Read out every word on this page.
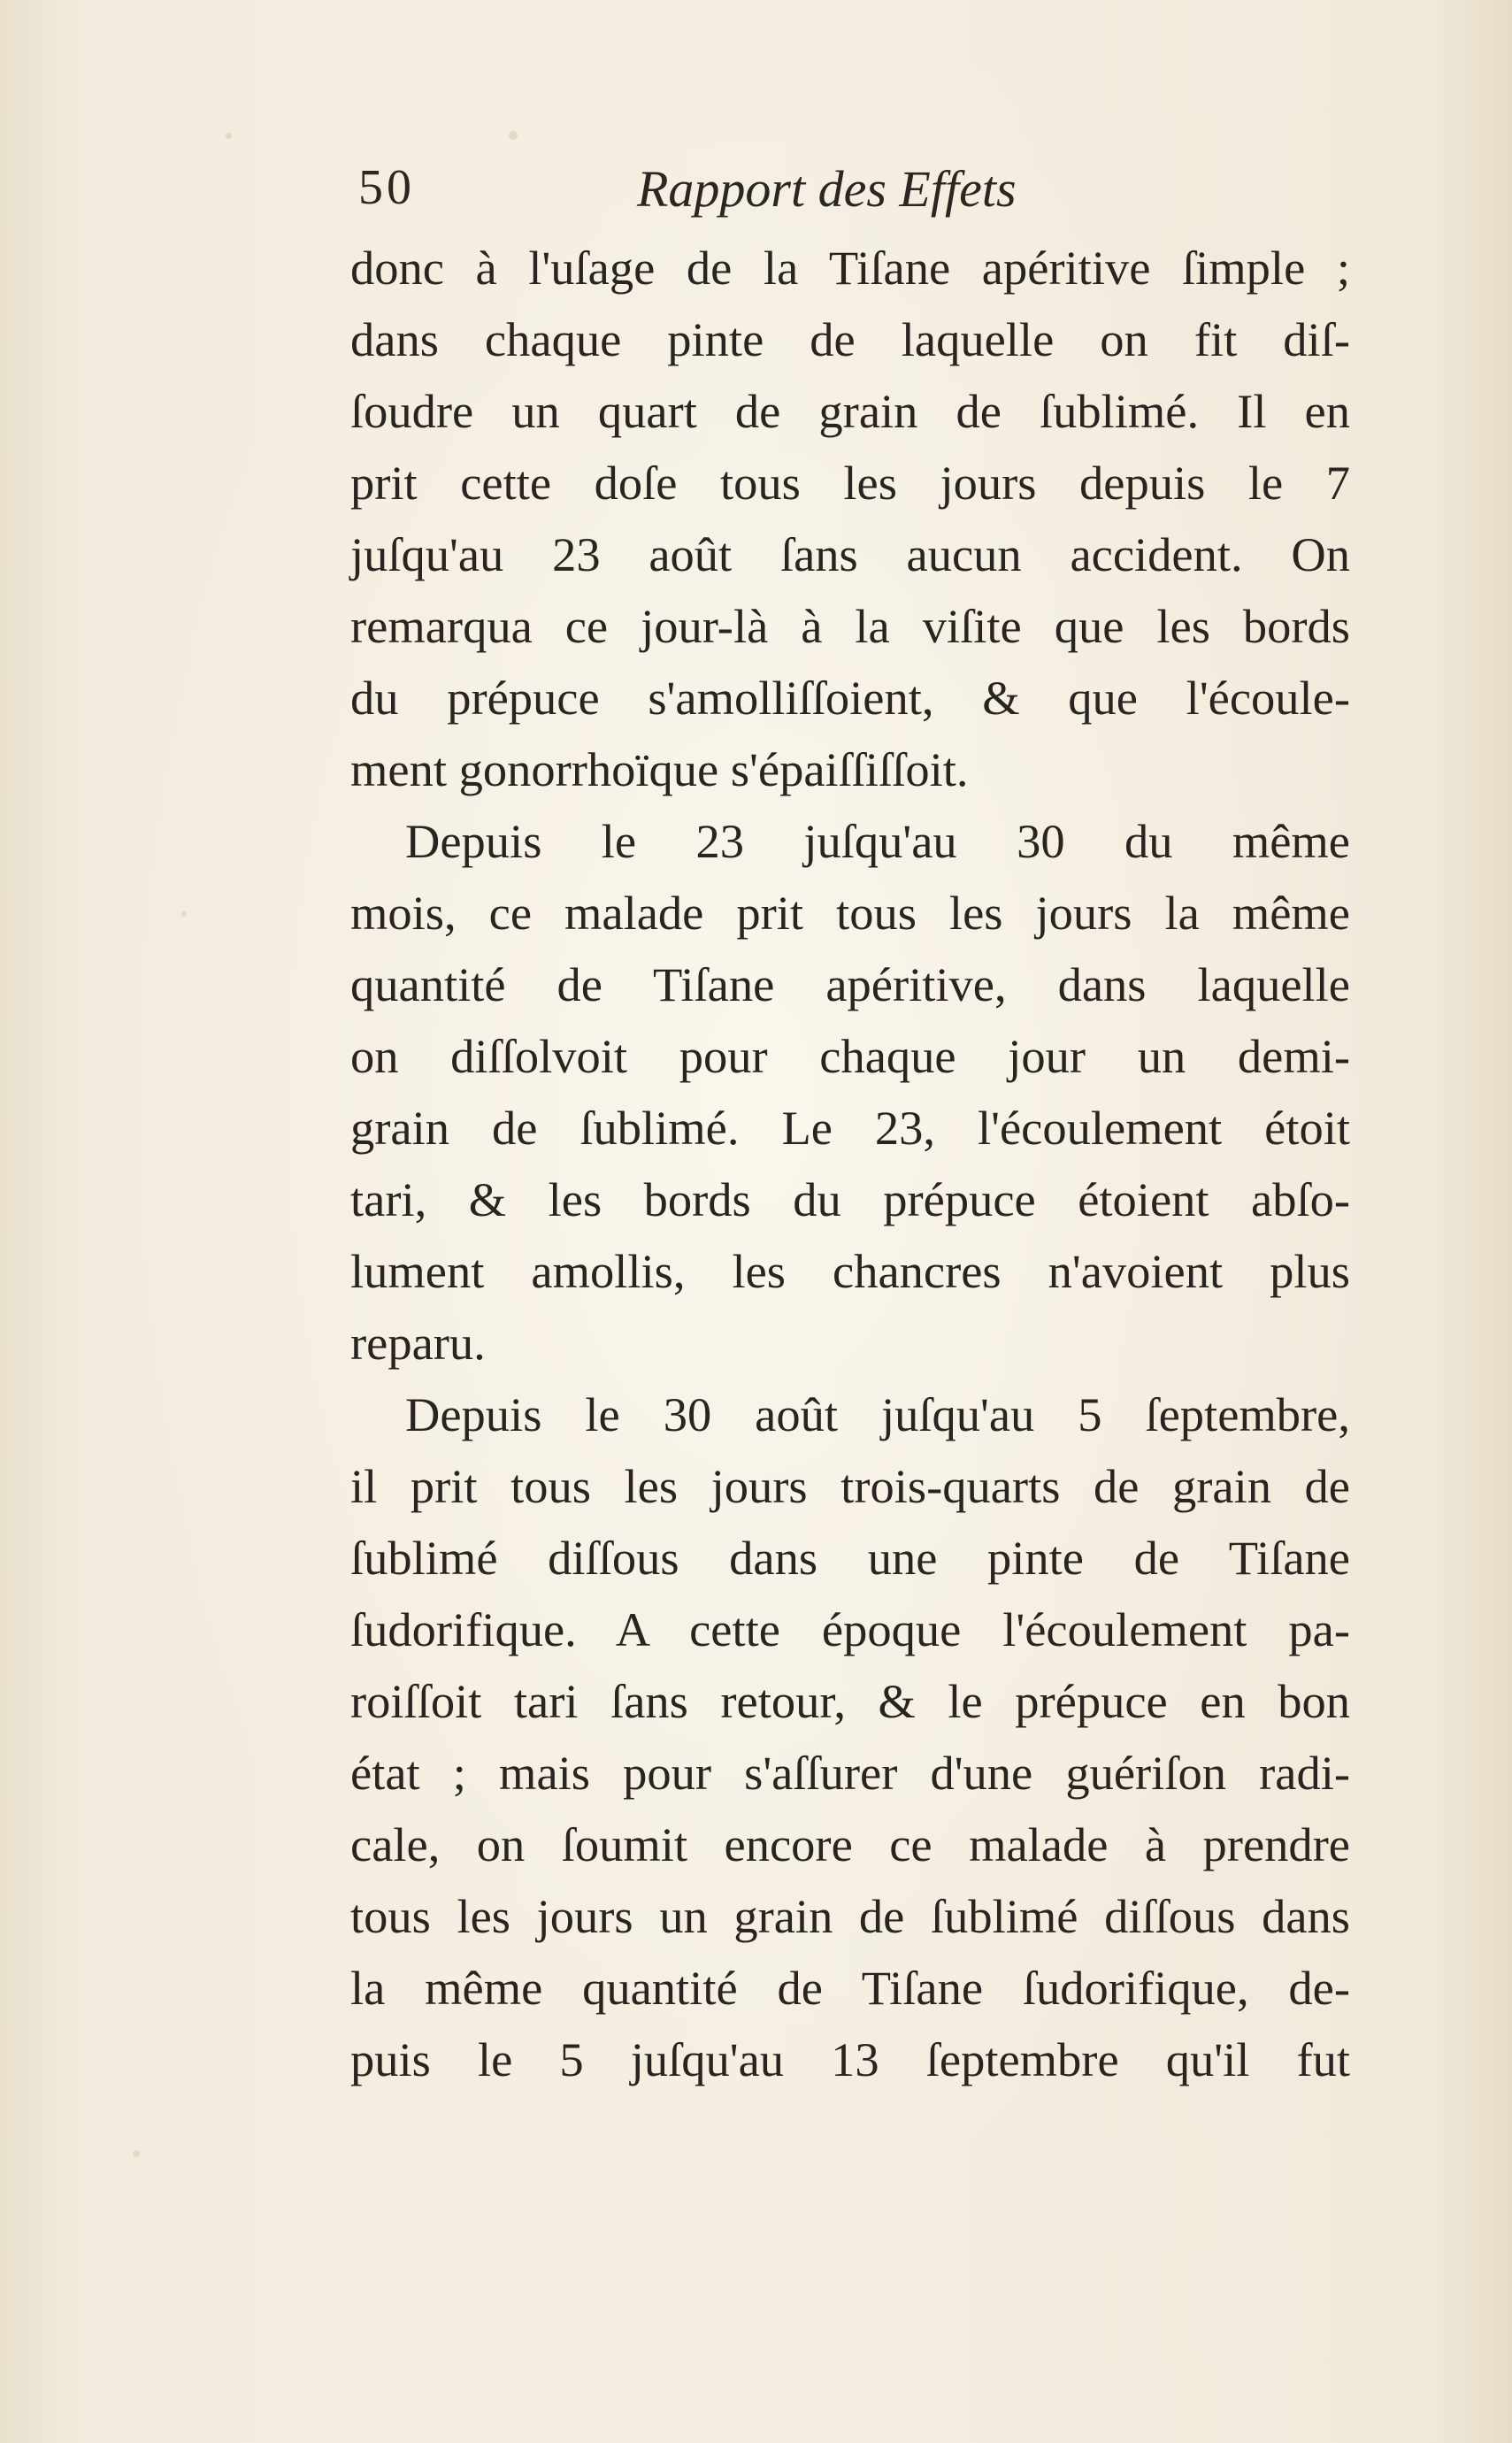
50	Rapport des Effets
donc à l'uſage de la Tiſane apéritive ſimple ;
dans chaque pinte de laquelle on fit diſ-
ſoudre un quart de grain de ſublimé. Il en
prit cette doſe tous les jours depuis le 7
juſqu'au 23 août ſans aucun accident. On
remarqua ce jour-là à la viſite que les bords
du prépuce s'amolliſſoient, & que l'écoule-
ment gonorrhoïque s'épaiſſiſſoit.
Depuis le 23 juſqu'au 30 du même
mois, ce malade prit tous les jours la même
quantité de Tiſane apéritive, dans laquelle
on diſſolvoit pour chaque jour un demi-
grain de ſublimé. Le 23, l'écoulement étoit
tari, & les bords du prépuce étoient abſo-
lument amollis, les chancres n'avoient plus
reparu.
Depuis le 30 août juſqu'au 5 ſeptembre,
il prit tous les jours trois-quarts de grain de
ſublimé diſſous dans une pinte de Tiſane
ſudorifique. A cette époque l'écoulement pa-
roiſſoit tari ſans retour, & le prépuce en bon
état ; mais pour s'aſſurer d'une guériſon radi-
cale, on ſoumit encore ce malade à prendre
tous les jours un grain de ſublimé diſſous dans
la même quantité de Tiſane ſudorifique, de-
puis le 5 juſqu'au 13 ſeptembre qu'il fut
